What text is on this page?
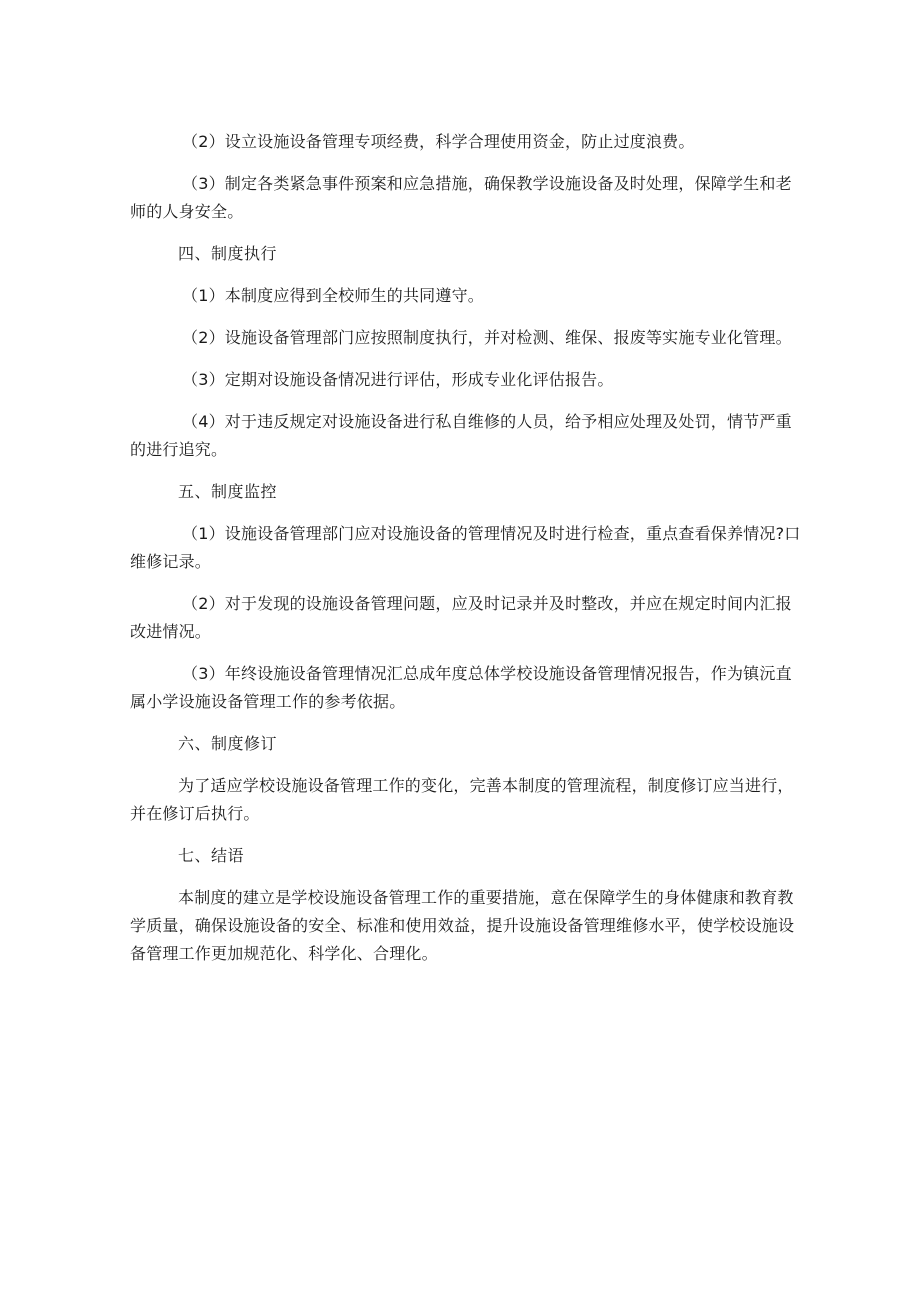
（2）设立设施设备管理专项经费，科学合理使用资金，防止过度浪费。

（3）制定各类紧急事件预案和应急措施，确保教学设施设备及时处理，保障学生和老师的人身安全。

四、制度执行

（1）本制度应得到全校师生的共同遵守。

（2）设施设备管理部门应按照制度执行，并对检测、维保、报废等实施专业化管理。

（3）定期对设施设备情况进行评估，形成专业化评估报告。

（4）对于违反规定对设施设备进行私自维修的人员，给予相应处理及处罚，情节严重的进行追究。

五、制度监控

（1）设施设备管理部门应对设施设备的管理情况及时进行检查，重点查看保养情况?口维修记录。

（2）对于发现的设施设备管理问题，应及时记录并及时整改，并应在规定时间内汇报改进情况。

（3）年终设施设备管理情况汇总成年度总体学校设施设备管理情况报告，作为镇沅直属小学设施设备管理工作的参考依据。

六、制度修订

为了适应学校设施设备管理工作的变化，完善本制度的管理流程，制度修订应当进行，并在修订后执行。

七、结语

本制度的建立是学校设施设备管理工作的重要措施，意在保障学生的身体健康和教育教学质量，确保设施设备的安全、标准和使用效益，提升设施设备管理维修水平，使学校设施设备管理工作更加规范化、科学化、合理化。
